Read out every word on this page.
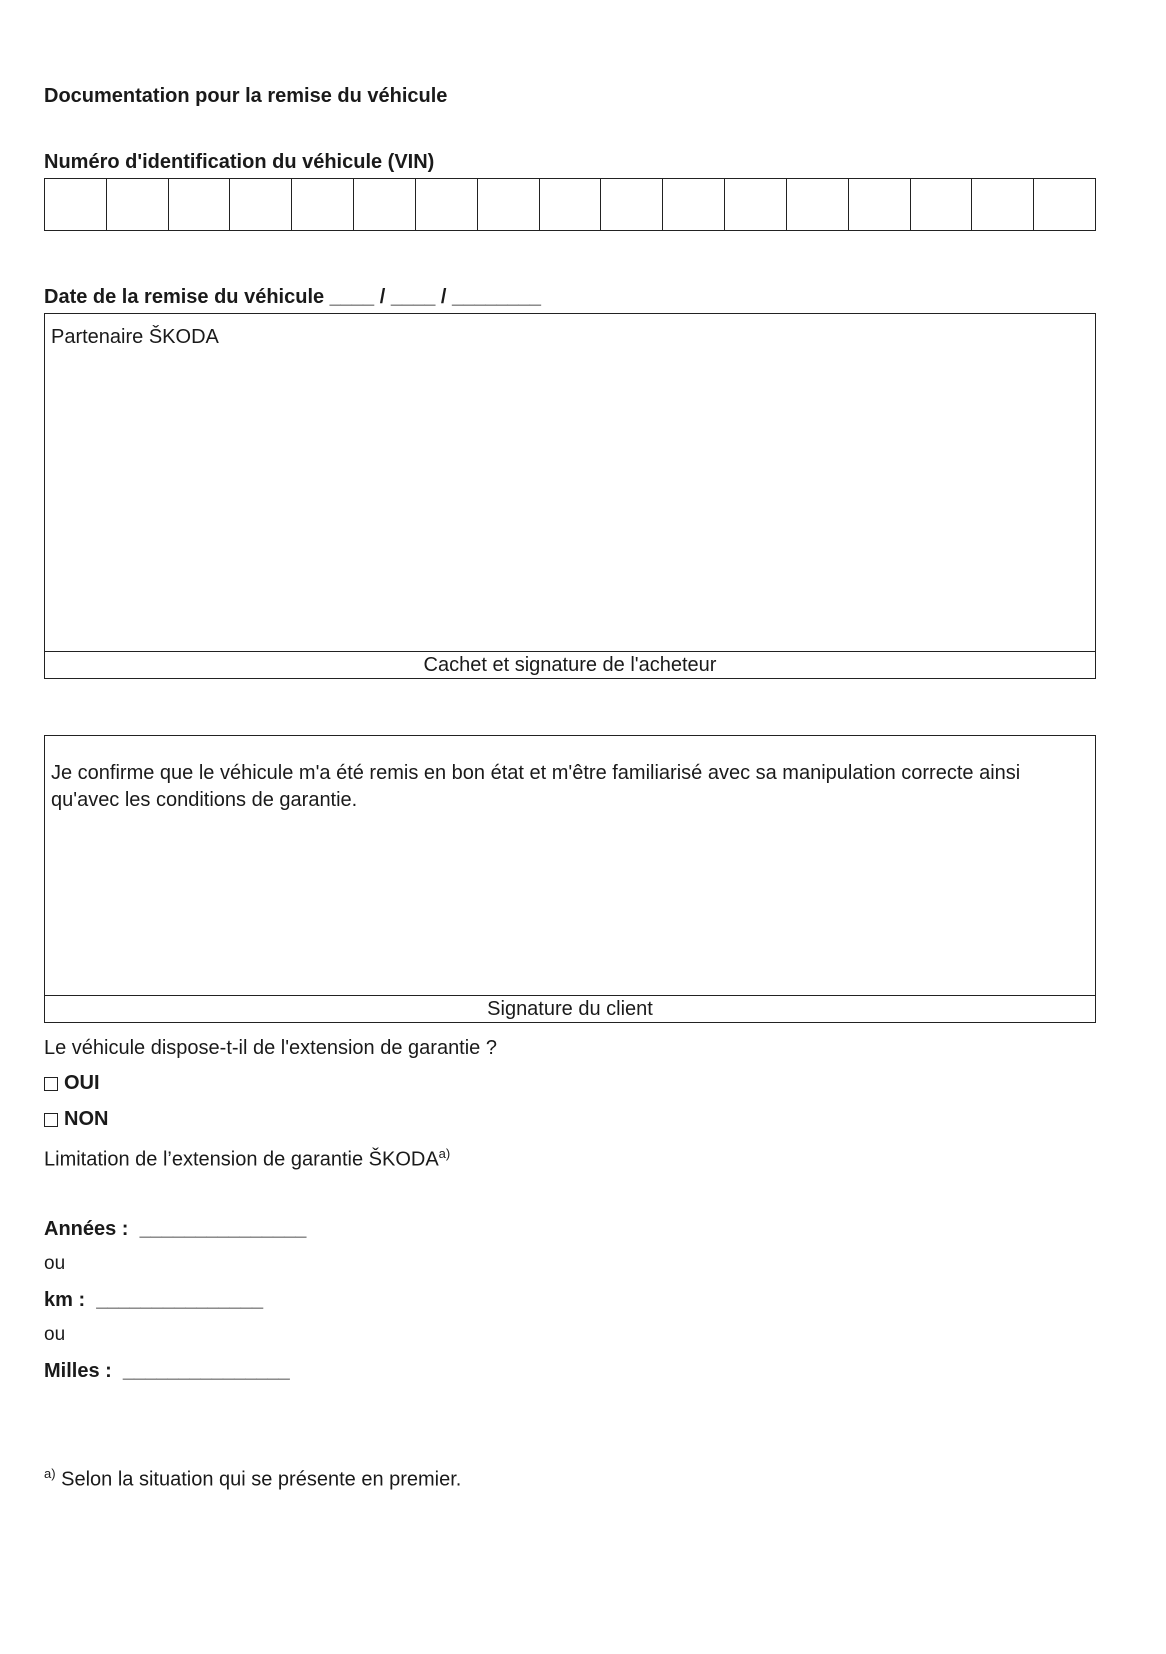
Documentation pour la remise du véhicule
Numéro d'identification du véhicule (VIN)
Date de la remise du véhicule ____ / ____ / ________
Partenaire ŠKODA
Cachet et signature de l'acheteur
Je confirme que le véhicule m'a été remis en bon état et m'être familiarisé avec sa manipulation correcte ainsi qu'avec les conditions de garantie.
Signature du client
Le véhicule dispose-t-il de l'extension de garantie ?
OUI
NON
Limitation de l’extension de garantie ŠKODA$^{a)}$
Années :  _______________
ou
km :  _______________
ou
Milles :  _______________
$^{a)}$ Selon la situation qui se présente en premier.
